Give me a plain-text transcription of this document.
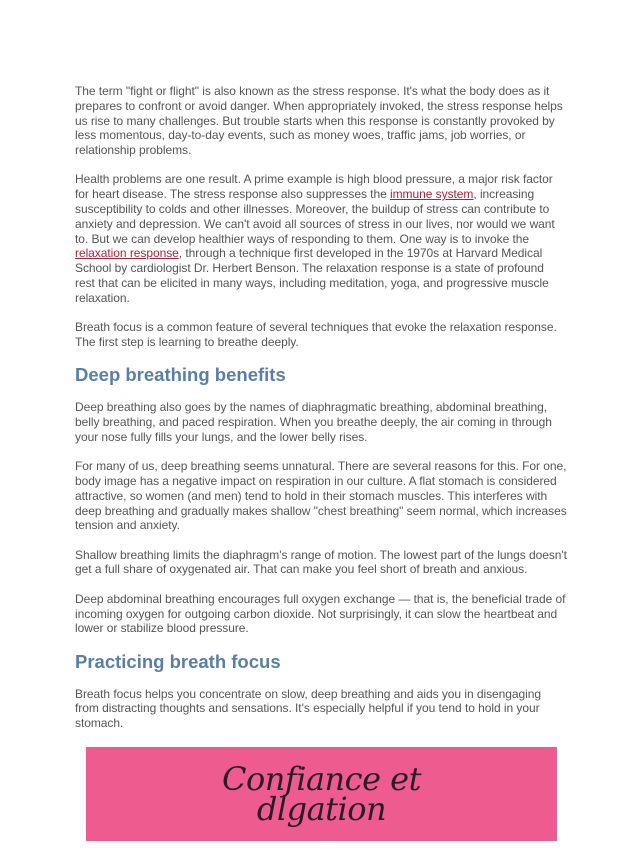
The term "fight or flight" is also known as the stress response. It's what the body does as it prepares to confront or avoid danger. When appropriately invoked, the stress response helps us rise to many challenges. But trouble starts when this response is constantly provoked by less momentous, day-to-day events, such as money woes, traffic jams, job worries, or relationship problems.

Health problems are one result. A prime example is high blood pressure, a major risk factor for heart disease. The stress response also suppresses the immune system, increasing susceptibility to colds and other illnesses. Moreover, the buildup of stress can contribute to anxiety and depression. We can't avoid all sources of stress in our lives, nor would we want to. But we can develop healthier ways of responding to them. One way is to invoke the relaxation response, through a technique first developed in the 1970s at Harvard Medical School by cardiologist Dr. Herbert Benson. The relaxation response is a state of profound rest that can be elicited in many ways, including meditation, yoga, and progressive muscle relaxation.

Breath focus is a common feature of several techniques that evoke the relaxation response. The first step is learning to breathe deeply.

Deep breathing benefits

Deep breathing also goes by the names of diaphragmatic breathing, abdominal breathing, belly breathing, and paced respiration. When you breathe deeply, the air coming in through your nose fully fills your lungs, and the lower belly rises.

For many of us, deep breathing seems unnatural. There are several reasons for this. For one, body image has a negative impact on respiration in our culture. A flat stomach is considered attractive, so women (and men) tend to hold in their stomach muscles. This interferes with deep breathing and gradually makes shallow "chest breathing" seem normal, which increases tension and anxiety.

Shallow breathing limits the diaphragm's range of motion. The lowest part of the lungs doesn't get a full share of oxygenated air. That can make you feel short of breath and anxious.

Deep abdominal breathing encourages full oxygen exchange — that is, the beneficial trade of incoming oxygen for outgoing carbon dioxide. Not surprisingly, it can slow the heartbeat and lower or stabilize blood pressure.

Practicing breath focus

Breath focus helps you concentrate on slow, deep breathing and aids you in disengaging from distracting thoughts and sensations. It's especially helpful if you tend to hold in your stomach.

Confiance et
dlgation
